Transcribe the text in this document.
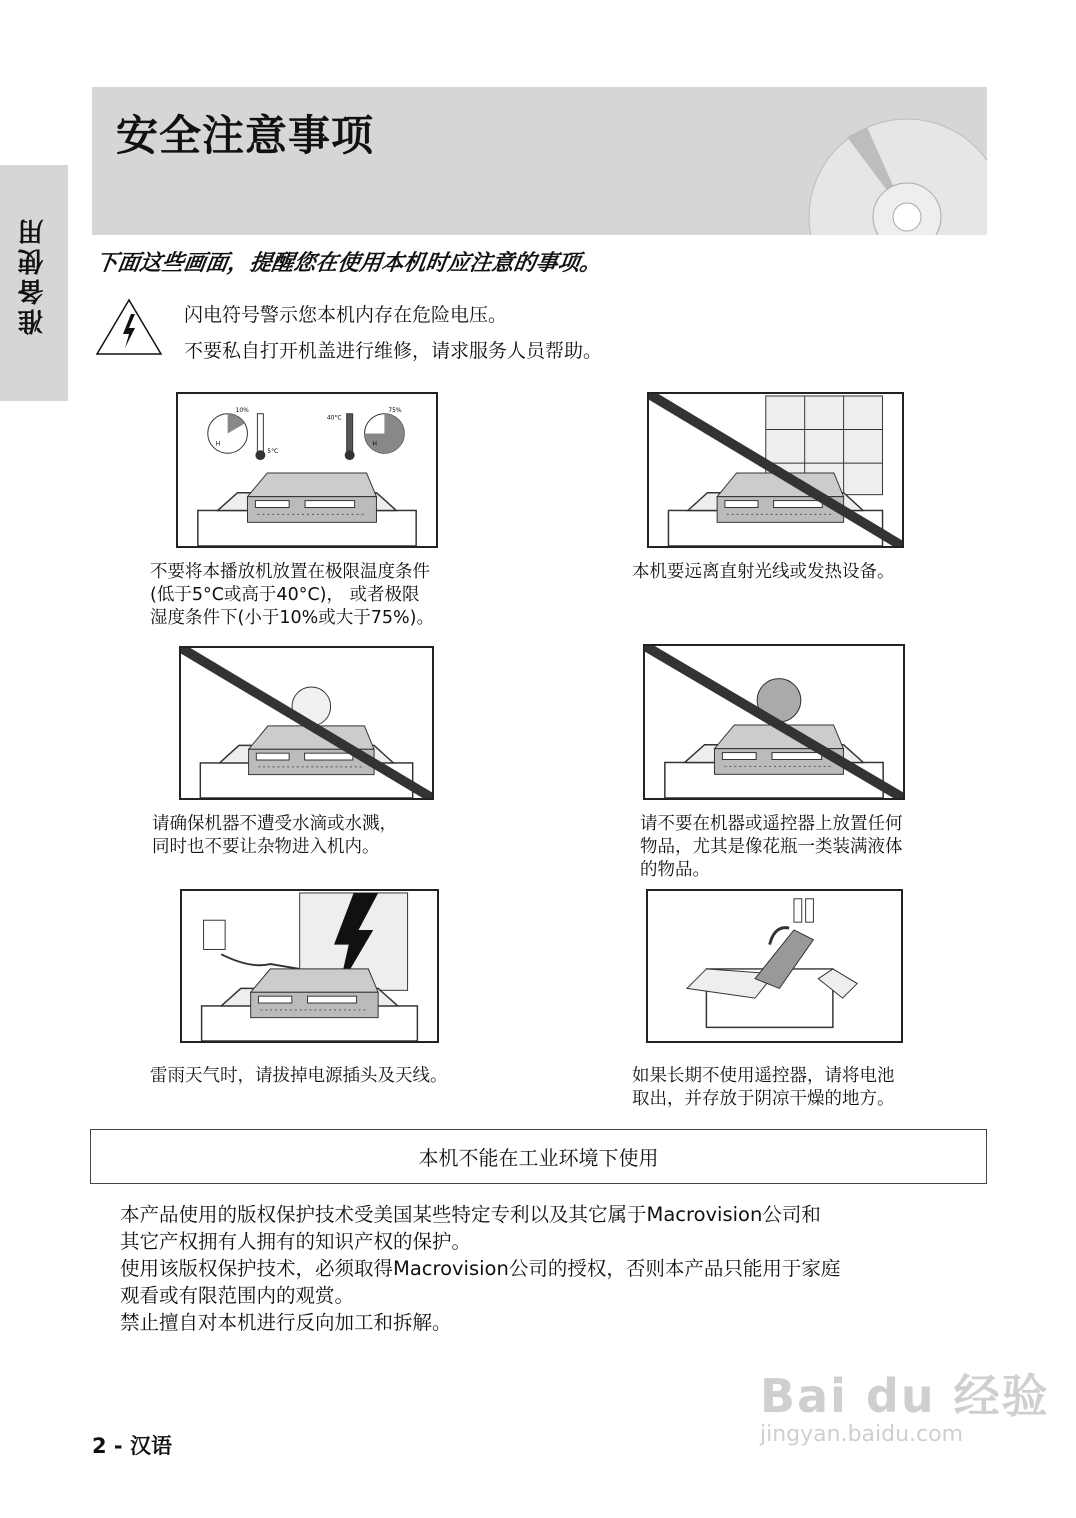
安全注意事项
准备使用 下面这些画面，提醒您在使用本机时应注意的事项。
闪电符号警示您本机内存在危险电压。
不要私自打开机盖进行维修，请求服务人员帮助。
10%
5°C
40°C
75%
H	H
不要将本播放机放置在极限温度条件
(低于5°C或高于40°C)， 或者极限
湿度条件下(小于10%或大于75%)。
本机要远离直射光线或发热设备。
请确保机器不遭受水滴或水溅，
同时也不要让杂物进入机内。
请不要在机器或遥控器上放置任何
物品，尤其是像花瓶一类装满液体
的物品。
雷雨天气时，请拔掉电源插头及天线。	如果长期不使用遥控器，请将电池
取出，并存放于阴凉干燥的地方。
本机不能在工业环境下使用
本产品使用的版权保护技术受美国某些特定专利以及其它属于Macrovision公司和
其它产权拥有人拥有的知识产权的保护。
使用该版权保护技术，必须取得Macrovision公司的授权，否则本产品只能用于家庭
观看或有限范围内的观赏。
禁止擅自对本机进行反向加工和拆解。
2 - 汉语
Bai du 经验
jingyan.baidu.com
